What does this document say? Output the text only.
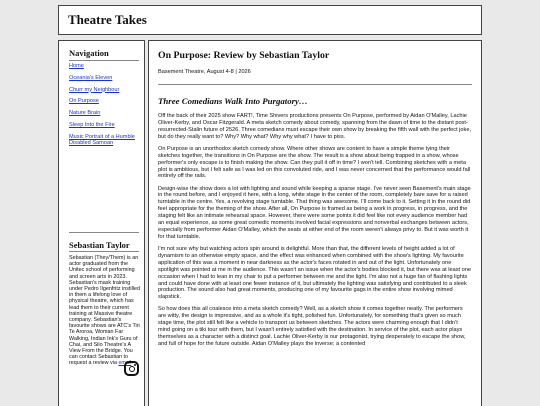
Theatre Takes
Navigation
Home
Oceania's Eleven
Churr my Neighbour
On Purpose
Nature Brain
Sleep Into the Fire
Music Portrait of a Humble Disabled Samoan
Sebastian Taylor

Sebastian (They/Them) is an actor graduated from the Unitec school of performing and screen arts in 2023. Sebastian's mask training under Pedro Ilgenfritz instilled in them a lifelong love of physical theatre, which has lead them to their current training at Massive theatre company. Sebastian's favourite shows are ATC's Tiri Te Aroroa, Woman Far Walking, Indian Ink's Guru of Chai, and Silo Theatre's A View From the Bridge. You can contact Sebastian to request a review via email.

On Purpose: Review by Sebastian Taylor
Basement Theatre, August 4-8 | 2026
Three Comedians Walk Into Purgatory…

Off the back of their 2025 show FART!, Time Shivers productions presents On Purpose, performed by Aidan O'Malley, Lachie Oliver-Kerby, and Oscar Fitzgerald. A meta sketch comedy about comedy, spanning from the dawn of time to the distant post-resurrected-Stalin future of 2526. Three comedians must escape their own show by breaking the fifth wall with the perfect joke, but do they really want to? Why? Why what? Why why what? I have to piss.

On Purpose is an unorthodox sketch comedy show. Where other shows are content to have a simple theme tying their sketches together, the transitions in On Purpose are the show. The result is a show about being trapped in a show, whose performer's only escape is to finish making the show. Can they pull it off in time? I won't tell. Combining sketches with a meta plot is ambitious, but I felt safe as I was led on this convoluted ride, and I was never concerned that the performance would fall entirely off the rails.

Design-wise the show does a lot with lighting and sound while keeping a sparse stage. I've never seen Basement's main stage in the round before, and I enjoyed it here, with a long, white stage in the center of the room, completely bare save for a raised turntable in the centre. Yes, a revolving stage turntable. That thing was awesome. I'll come back to it. Setting it in the round did feel appropriate for the theming of the show. After all, On Purpose is framed as being a work in progress, in progress, and the staging felt like an intimate rehearsal space. However, there were some points it did feel like not every audience member had an equal experience, as some great comedic moments involved facial expressions and nonverbal exchanges between actors, especially from performer Aidan O'Malley, which the seats at either end of the room weren't always privy to. But it was worth it for that turntable.

I'm not sure why but watching actors spin around is delightful. More than that, the different levels of height added a lot of dynamism to an otherwise empty space, and the effect was enhanced when combined with the show's lighting. My favourite application of this was a moment in near darkness as the actor's faces rotated in and out of the light. Unfortunately one spotlight was pointed at me in the audience. This wasn't an issue when the actor's bodies blocked it, but there was at least one occasion when I had to lean in my chair to put a performer between me and the light. I'm also not a huge fan of flashing lights and could have done with at least one fewer instance of it, but ultimately the lighting was satisfying and contributed to a sleek production. The sound also had great moments, producing one of my favourite gags in the entire show involving mimed slapstick.

So how does this all coalesce into a meta sketch comedy? Well, as a sketch show it comes together neatly. The performers are witty, the design is impressive, and as a whole it's tight, polished fun. Unfortunately, for something that's given so much stage time, the plot still felt like a vehicle to transport us between sketches. The actors were charming enough that I didn't mind going on a tiki tour with them, but I wasn't entirely satisfied with the destination. In service of the plot, each actor plays themselves as a character with a distinct goal. Lachie Oliver-Kerby is our protagonist, trying desperately to escape the show, and full of hope for the future outside. Aidan O'Malley plays the inverse; a contented
